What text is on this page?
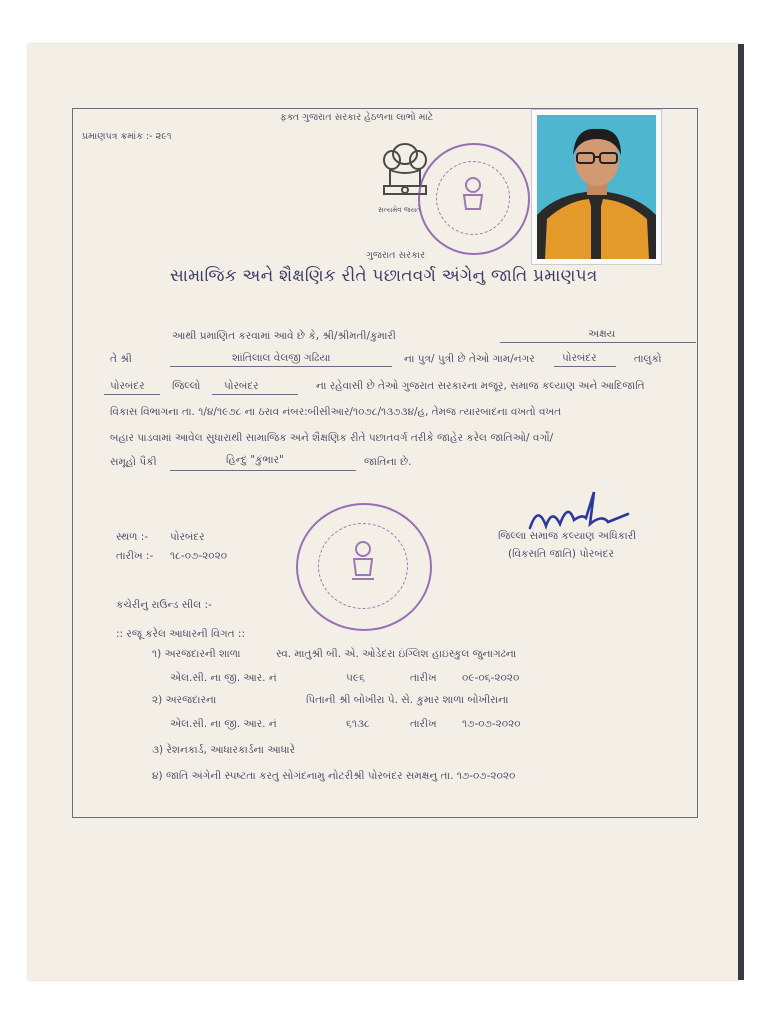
ફક્ત ગુજરાત સરકાર હેઠળના લાભો માટે
પ્રમાણપત્ર ક્રમાંક :- ૨૯૧
સત્યમેવ જયતે
ગુજરાત સરકાર
સામાજિક અને શૈક્ષણિક રીતે પછાતવર્ગ અંગેનુ જાતિ પ્રમાણપત્ર
આથી પ્રમાણિત કરવામાં આવે છે કે, શ્રી/શ્રીમતી/કુમારી	અક્ષય
તે શ્રી	શાંતિલાલ વેલજી ગઢિયા	ના પુત્ર/ પુત્રી છે તેઓ ગામ/નગર	પોરબંદર	તાલુકો
પોરબંદર	જિલ્લો પોરબંદર	ના રહેવાસી છે તેઓ ગુજરાત સરકારના મજૂર, સમાજ કલ્યાણ અને આદિજાતિ
વિકાસ વિભાગના તા. ૧/૪/૧૯૭૮ ના ઠરાવ નંબર:બીસીઆર/૧૦૭૮/૧૩૭૩૪/હ, તેમજ ત્યારબાદના વખતો વખત
બહાર પાડવામાં આવેલ સુધારાથી સામાજિક અને શૈક્ષણિક રીતે પછાતવર્ગ તરીકે જાહેર કરેલ જાતિઓ/ વર્ગો/
સમૂહો પૈકી	હિન્દુ "કુંભાર"	જાતિના છે.
સ્થળ :- પોરબંદર
તારીખ :- ૧૮-૦૭-૨૦૨૦
જિલ્લા સમાજ કલ્યાણ અધિકારી
(વિકસતિ જાતિ) પોરબંદર
કચેરીનુ રાઉન્ડ સીલ :-
:: રજૂ કરેલ આધારની વિગત ::
૧) અરજદારની શાળા	સ્વ. માતુશ્રી બી. એ. ઓડેદરા ઇંગ્લિશ હાઇસ્કુલ જુનાગઢના
એલ.સી. ના જી. આર. નં	૫૯૬	તારીખ ૦૯-૦૬-૨૦૨૦
૨) અરજદારના	પિતાની શ્રી બોખીરા પે. સે. કુમાર શાળા બોખીરાના
એલ.સી. ના જી. આર. નં	૬૧૩૮	તારીખ ૧૭-૦૭-૨૦૨૦
૩) રેશનકાર્ડ, આધારકાર્ડના આધારે
૪) જાતિ અંગેની સ્પષ્ટતા કરતુ સોગંદનામુ નોટરીશ્રી પોરબંદર સમક્ષનુ તા. ૧૭-૦૭-૨૦૨૦
